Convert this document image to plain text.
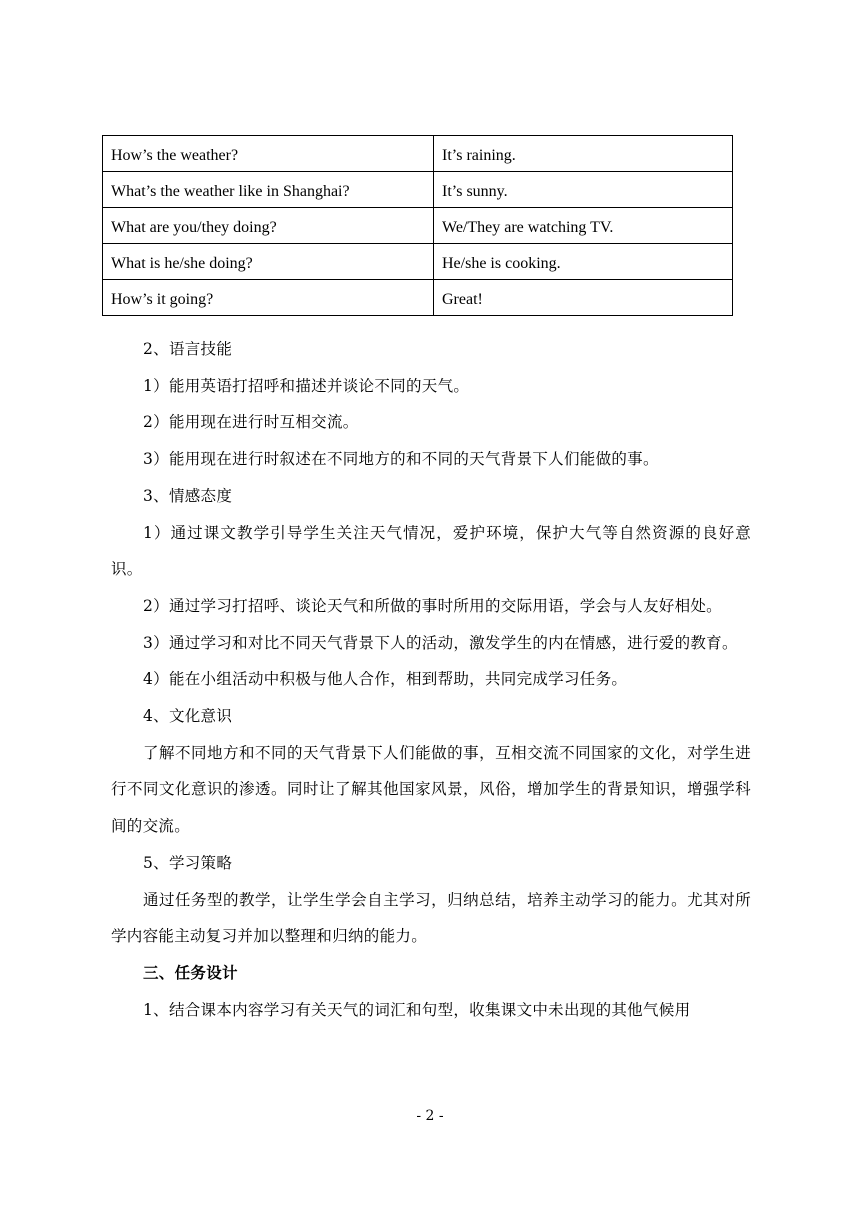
How’s the weather?	It’s raining.
What’s the weather like in Shanghai?	It’s sunny.
What are you/they doing?	We/They are watching TV.
What is he/she doing?	He/she is cooking.
How’s it going?	Great!

2、语言技能

1）能用英语打招呼和描述并谈论不同的天气。

2）能用现在进行时互相交流。

3）能用现在进行时叙述在不同地方的和不同的天气背景下人们能做的事。

3、情感态度

1）通过课文教学引导学生关注天气情况，爱护环境，保护大气等自然资源的良好意识。

2）通过学习打招呼、谈论天气和所做的事时所用的交际用语，学会与人友好相处。

3）通过学习和对比不同天气背景下人的活动，激发学生的内在情感，进行爱的教育。

4）能在小组活动中积极与他人合作，相到帮助，共同完成学习任务。

4、文化意识

了解不同地方和不同的天气背景下人们能做的事，互相交流不同国家的文化，对学生进行不同文化意识的渗透。同时让了解其他国家风景，风俗，增加学生的背景知识，增强学科间的交流。

5、学习策略

通过任务型的教学，让学生学会自主学习，归纳总结，培养主动学习的能力。尤其对所学内容能主动复习并加以整理和归纳的能力。

三、任务设计

1、结合课本内容学习有关天气的词汇和句型，收集课文中未出现的其他气候用

- 2 -
